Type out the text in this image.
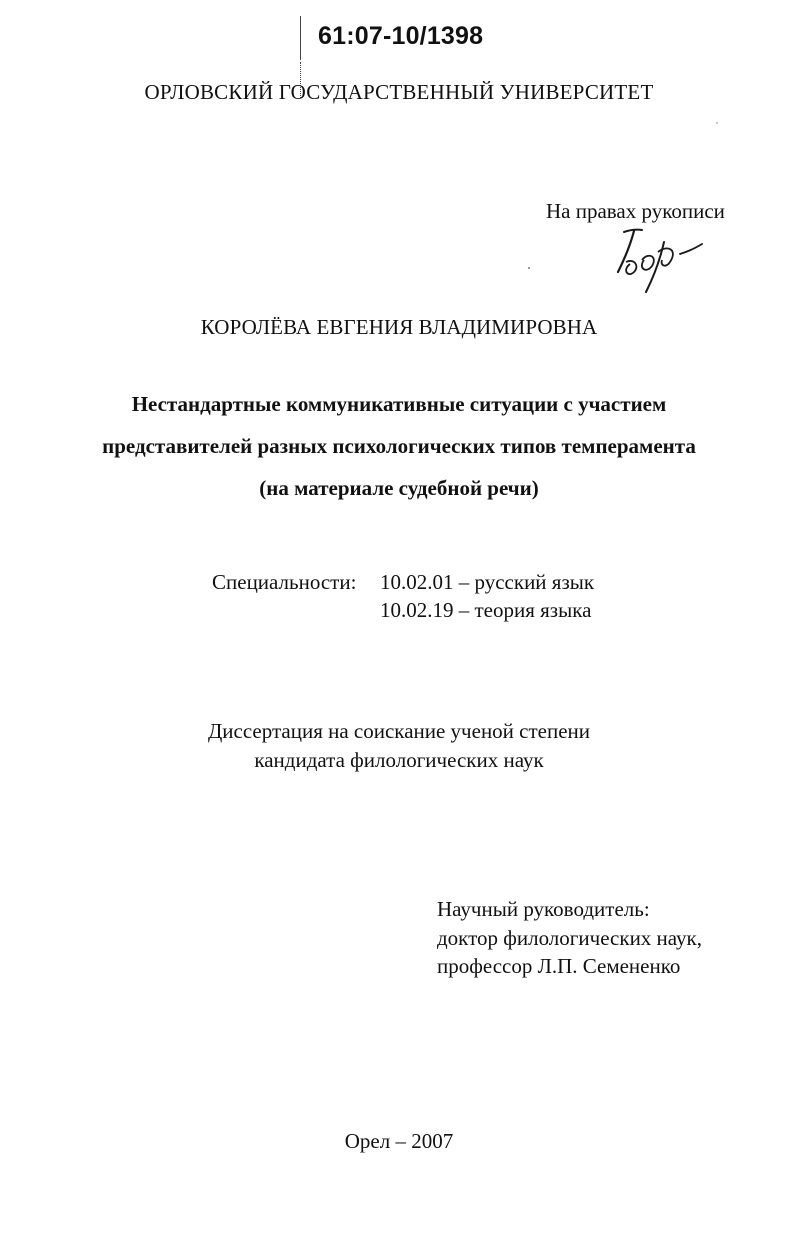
61:07-10/1398

ОРЛОВСКИЙ ГОСУДАРСТВЕННЫЙ УНИВЕРСИТЕТ

На правах рукописи

КОРОЛЁВА ЕВГЕНИЯ ВЛАДИМИРОВНА

Нестандартные коммуникативные ситуации с участием

представителей разных психологических типов темперамента

(на материале судебной речи)

Специальности: 10.02.01 – русский язык

10.02.19 – теория языка

Диссертация на соискание ученой степени

кандидата филологических наук

Научный руководитель:

доктор филологических наук,

профессор Л.П. Семененко

Орел – 2007
